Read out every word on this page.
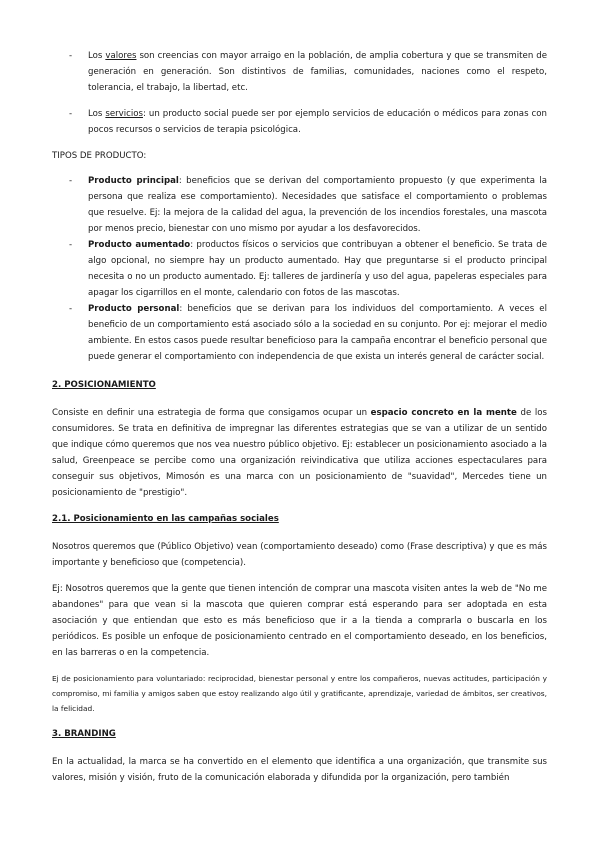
- Los valores son creencias con mayor arraigo en la población, de amplia cobertura y que se transmiten de generación en generación. Son distintivos de familias, comunidades, naciones como el respeto, tolerancia, el trabajo, la libertad, etc.
- Los servicios: un producto social puede ser por ejemplo servicios de educación o médicos para zonas con pocos recursos o servicios de terapia psicológica.

TIPOS DE PRODUCTO:

- Producto principal: beneficios que se derivan del comportamiento propuesto (y que experimenta la persona que realiza ese comportamiento). Necesidades que satisface el comportamiento o problemas que resuelve. Ej: la mejora de la calidad del agua, la prevención de los incendios forestales, una mascota por menos precio, bienestar con uno mismo por ayudar a los desfavorecidos.
- Producto aumentado: productos físicos o servicios que contribuyan a obtener el beneficio. Se trata de algo opcional, no siempre hay un producto aumentado. Hay que preguntarse si el producto principal necesita o no un producto aumentado. Ej: talleres de jardinería y uso del agua, papeleras especiales para apagar los cigarrillos en el monte, calendario con fotos de las mascotas.
- Producto personal: beneficios que se derivan para los individuos del comportamiento. A veces el beneficio de un comportamiento está asociado sólo a la sociedad en su conjunto. Por ej: mejorar el medio ambiente. En estos casos puede resultar beneficioso para la campaña encontrar el beneficio personal que puede generar el comportamiento con independencia de que exista un interés general de carácter social.

2. POSICIONAMIENTO

Consiste en definir una estrategia de forma que consigamos ocupar un espacio concreto en la mente de los consumidores. Se trata en definitiva de impregnar las diferentes estrategias que se van a utilizar de un sentido que indique cómo queremos que nos vea nuestro público objetivo. Ej: establecer un posicionamiento asociado a la salud, Greenpeace se percibe como una organización reivindicativa que utiliza acciones espectaculares para conseguir sus objetivos, Mimosón es una marca con un posicionamiento de "suavidad", Mercedes tiene un posicionamiento de "prestigio".

2.1. Posicionamiento en las campañas sociales

Nosotros queremos que (Público Objetivo) vean (comportamiento deseado) como (Frase descriptiva) y que es más importante y beneficioso que (competencia).

Ej: Nosotros queremos que la gente que tienen intención de comprar una mascota visiten antes la web de "No me abandones" para que vean si la mascota que quieren comprar está esperando para ser adoptada en esta asociación y que entiendan que esto es más beneficioso que ir a la tienda a comprarla o buscarla en los periódicos. Es posible un enfoque de posicionamiento centrado en el comportamiento deseado, en los beneficios, en las barreras o en la competencia.

Ej de posicionamiento para voluntariado: reciprocidad, bienestar personal y entre los compañeros, nuevas actitudes, participación y compromiso, mi familia y amigos saben que estoy realizando algo útil y gratificante, aprendizaje, variedad de ámbitos, ser creativos, la felicidad.

3. BRANDING

En la actualidad, la marca se ha convertido en el elemento que identifica a una organización, que transmite sus valores, misión y visión, fruto de la comunicación elaborada y difundida por la organización, pero también
